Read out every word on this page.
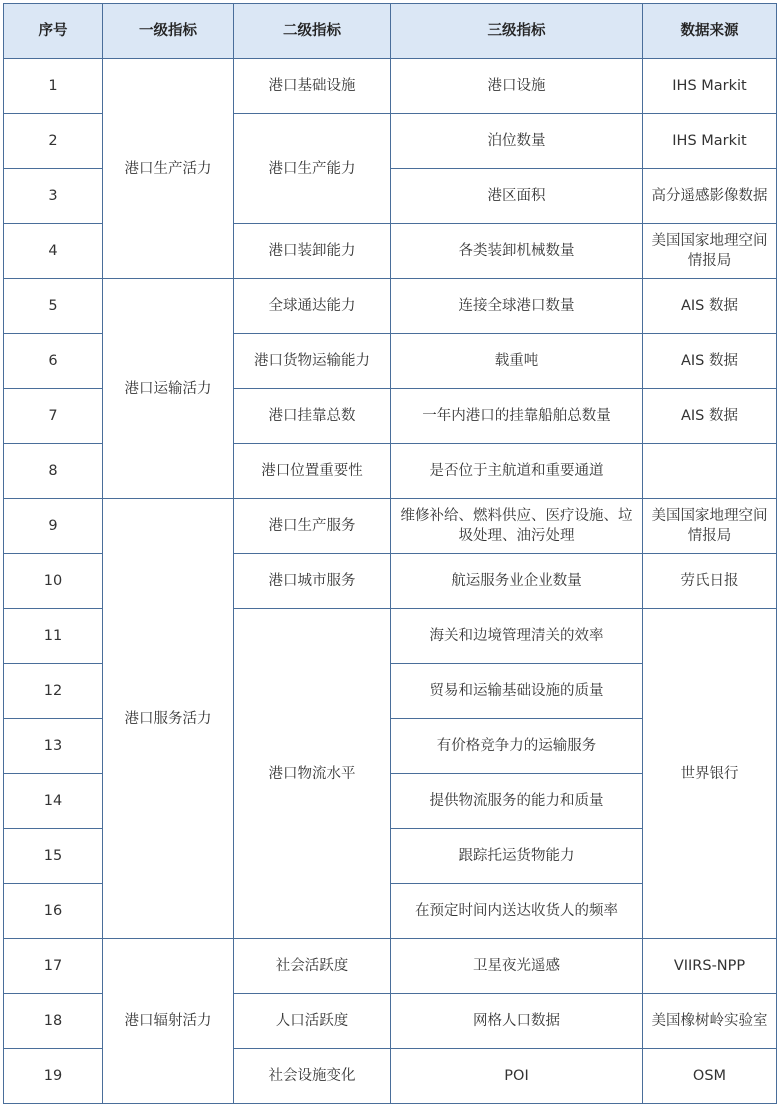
序号	一级指标	二级指标	三级指标	数据来源
1	港口生产活力	港口基础设施	港口设施	IHS Markit
2		港口生产能力	泊位数量	IHS Markit
3			港区面积	高分遥感影像数据
4		港口装卸能力	各类装卸机械数量	美国国家地理空间情报局
5	港口运输活力	全球通达能力	连接全球港口数量	AIS 数据
6		港口货物运输能力	载重吨	AIS 数据
7		港口挂靠总数	一年内港口的挂靠船舶总数量	AIS 数据
8		港口位置重要性	是否位于主航道和重要通道	
9	港口服务活力	港口生产服务	维修补给、燃料供应、医疗设施、垃圾处理、油污处理	美国国家地理空间情报局
10		港口城市服务	航运服务业企业数量	劳氏日报
11		港口物流水平	海关和边境管理清关的效率	世界银行
12			贸易和运输基础设施的质量	
13			有价格竞争力的运输服务	
14			提供物流服务的能力和质量	
15			跟踪托运货物能力	
16			在预定时间内送达收货人的频率	
17	港口辐射活力	社会活跃度	卫星夜光遥感	VIIRS-NPP
18		人口活跃度	网格人口数据	美国橡树岭实验室
19		社会设施变化	POI	OSM
